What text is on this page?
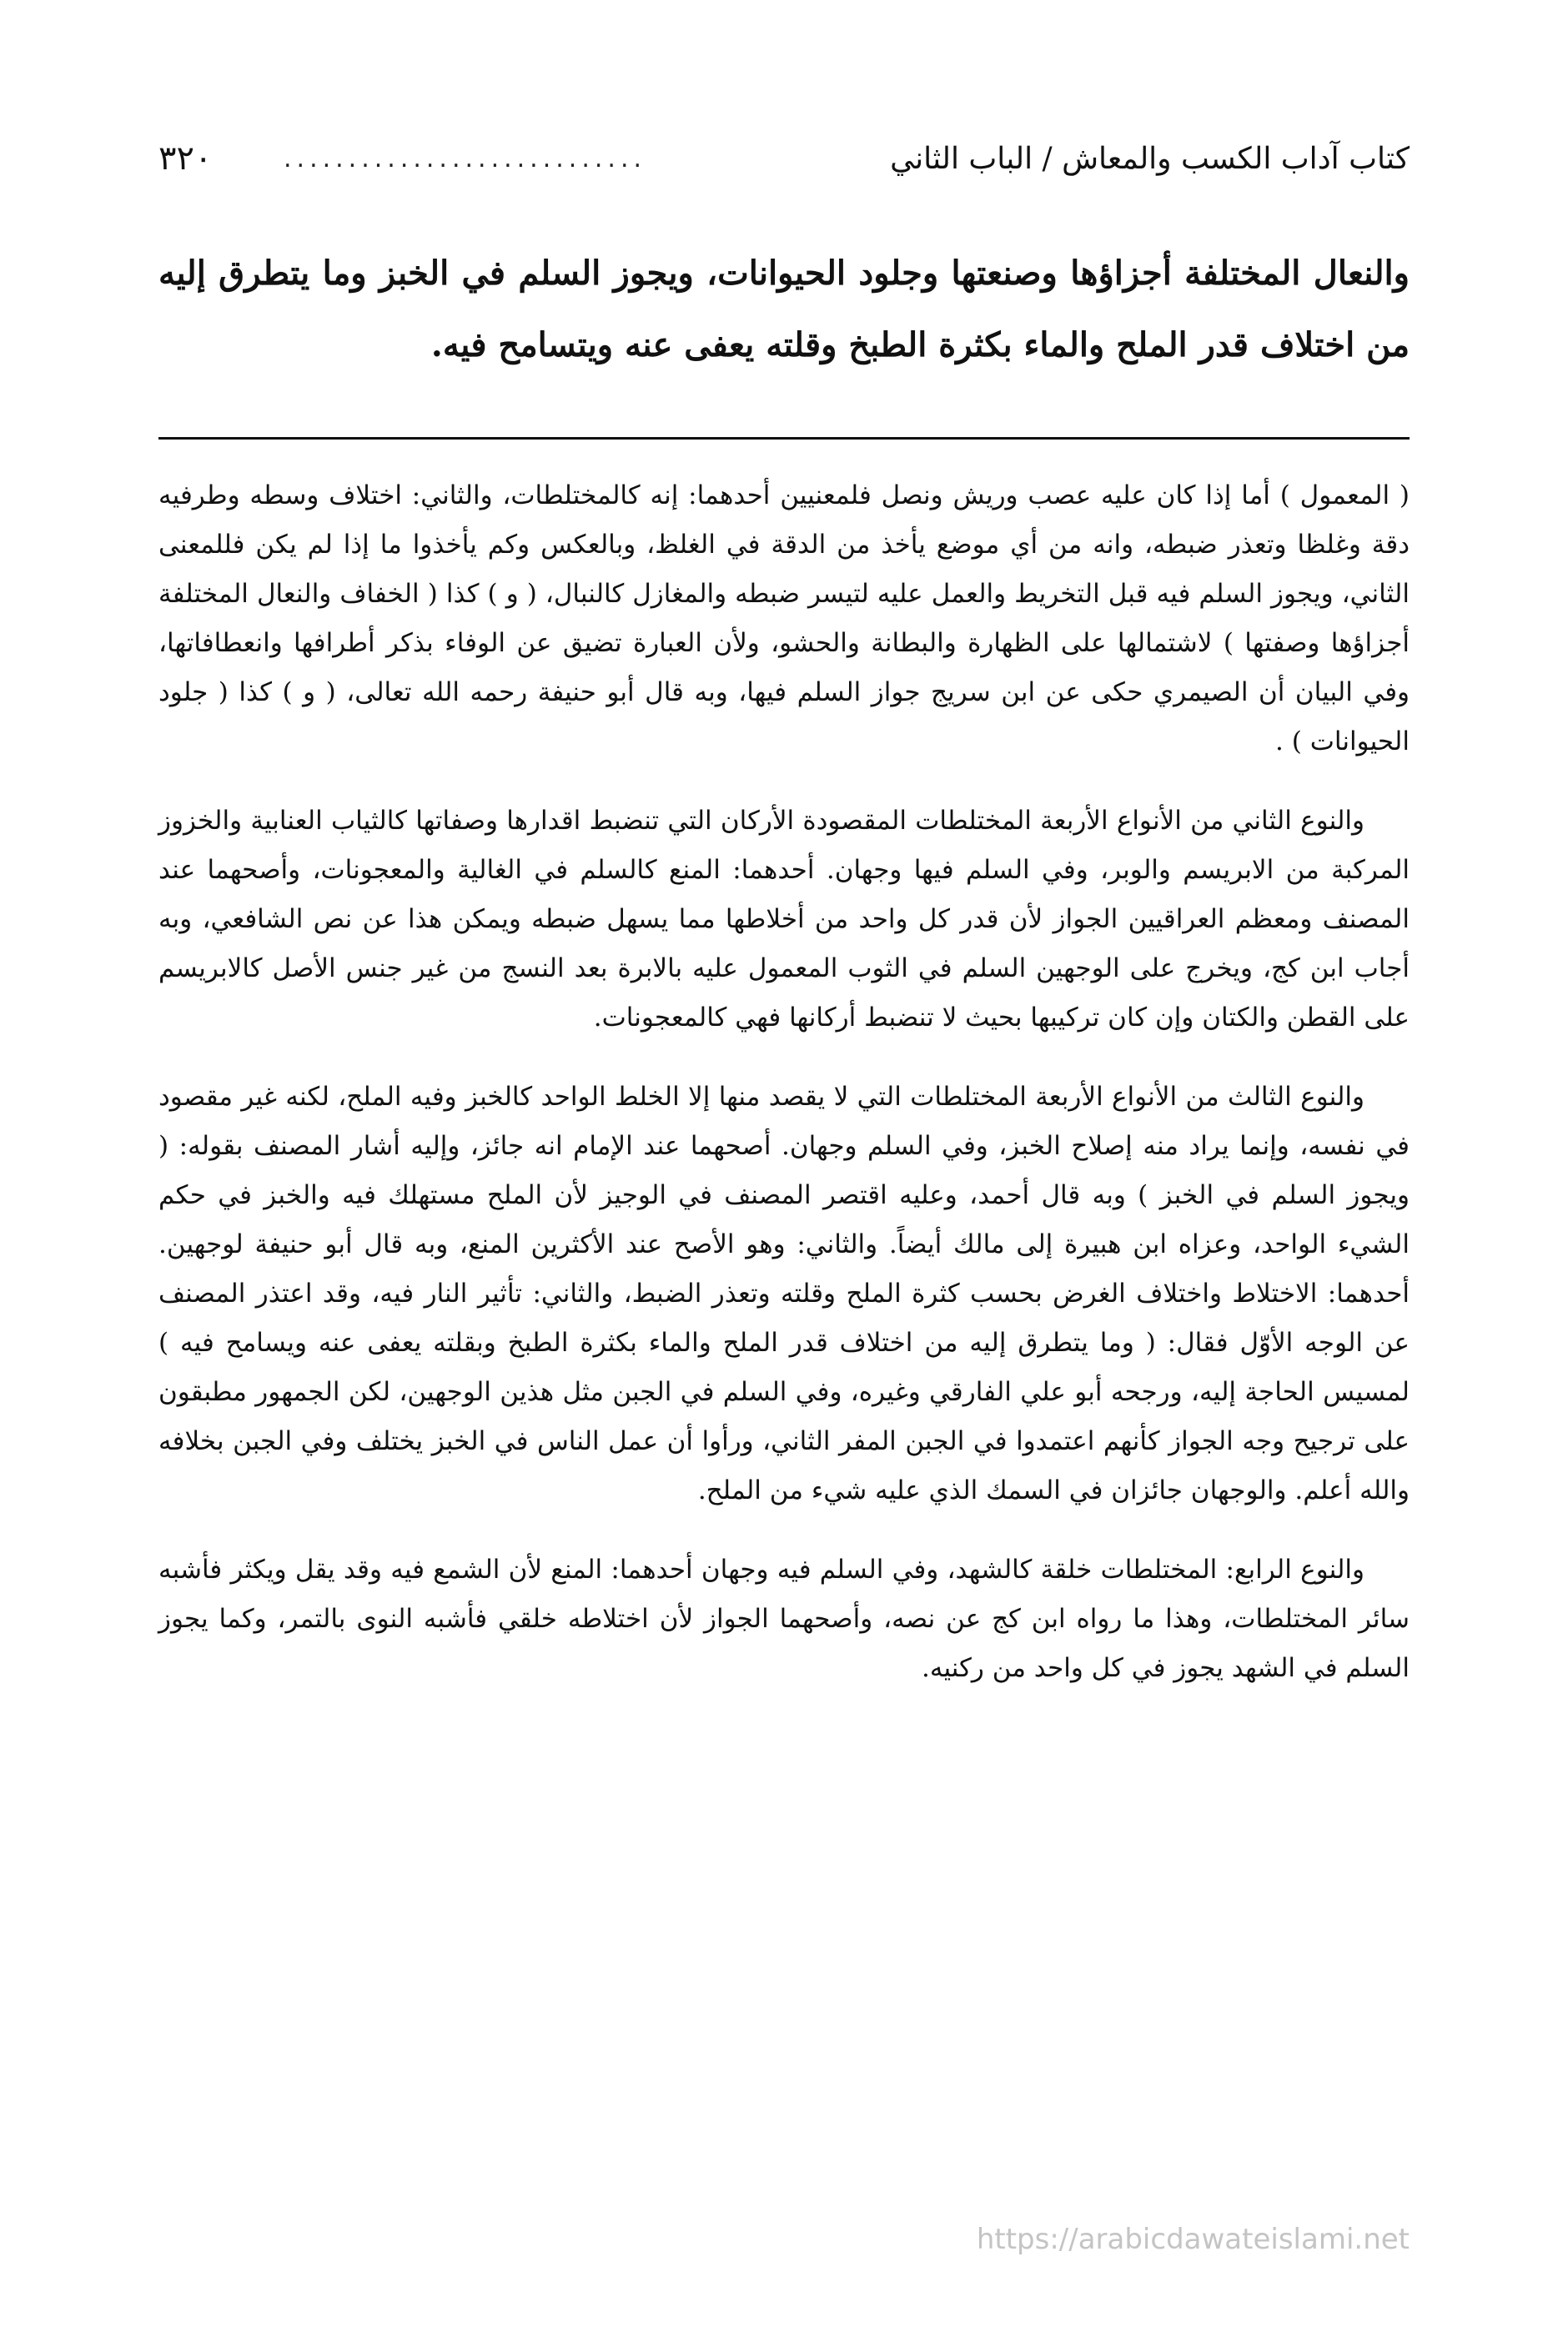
٣٢٠	............................	كتاب آداب الكسب والمعاش / الباب الثاني

والنعال المختلفة أجزاؤها وصنعتها وجلود الحيوانات، ويجوز السلم في الخبز وما يتطرق إليه من اختلاف قدر الملح والماء بكثرة الطبخ وقلته يعفى عنه ويتسامح فيه.

( المعمول ) أما إذا كان عليه عصب وريش ونصل فلمعنيين أحدهما: إنه كالمختلطات، والثاني: اختلاف وسطه وطرفيه دقة وغلظا وتعذر ضبطه، وانه من أي موضع يأخذ من الدقة في الغلظ، وبالعكس وكم يأخذوا ما إذا لم يكن فللمعنى الثاني، ويجوز السلم فيه قبل التخريط والعمل عليه لتيسر ضبطه والمغازل كالنبال، ( و ) كذا ( الخفاف والنعال المختلفة أجزاؤها وصفتها ) لاشتمالها على الظهارة والبطانة والحشو، ولأن العبارة تضيق عن الوفاء بذكر أطرافها وانعطافاتها، وفي البيان أن الصيمري حكى عن ابن سريج جواز السلم فيها، وبه قال أبو حنيفة رحمه الله تعالى، ( و ) كذا ( جلود الحيوانات ) .

والنوع الثاني من الأنواع الأربعة المختلطات المقصودة الأركان التي تنضبط اقدارها وصفاتها كالثياب العنابية والخزوز المركبة من الابريسم والوبر، وفي السلم فيها وجهان. أحدهما: المنع كالسلم في الغالية والمعجونات، وأصحهما عند المصنف ومعظم العراقيين الجواز لأن قدر كل واحد من أخلاطها مما يسهل ضبطه ويمكن هذا عن نص الشافعي، وبه أجاب ابن كج، ويخرج على الوجهين السلم في الثوب المعمول عليه بالابرة بعد النسج من غير جنس الأصل كالابريسم على القطن والكتان وإن كان تركيبها بحيث لا تنضبط أركانها فهي كالمعجونات.

والنوع الثالث من الأنواع الأربعة المختلطات التي لا يقصد منها إلا الخلط الواحد كالخبز وفيه الملح، لكنه غير مقصود في نفسه، وإنما يراد منه إصلاح الخبز، وفي السلم وجهان. أصحهما عند الإمام انه جائز، وإليه أشار المصنف بقوله: ( ويجوز السلم في الخبز ) وبه قال أحمد، وعليه اقتصر المصنف في الوجيز لأن الملح مستهلك فيه والخبز في حكم الشيء الواحد، وعزاه ابن هبيرة إلى مالك أيضاً. والثاني: وهو الأصح عند الأكثرين المنع، وبه قال أبو حنيفة لوجهين. أحدهما: الاختلاط واختلاف الغرض بحسب كثرة الملح وقلته وتعذر الضبط، والثاني: تأثير النار فيه، وقد اعتذر المصنف عن الوجه الأوّل فقال: ( وما يتطرق إليه من اختلاف قدر الملح والماء بكثرة الطبخ وبقلته يعفى عنه ويسامح فيه ) لمسيس الحاجة إليه، ورجحه أبو علي الفارقي وغيره، وفي السلم في الجبن مثل هذين الوجهين، لكن الجمهور مطبقون على ترجيح وجه الجواز كأنهم اعتمدوا في الجبن المفر الثاني، ورأوا أن عمل الناس في الخبز يختلف وفي الجبن بخلافه والله أعلم. والوجهان جائزان في السمك الذي عليه شيء من الملح.

والنوع الرابع: المختلطات خلقة كالشهد، وفي السلم فيه وجهان أحدهما: المنع لأن الشمع فيه وقد يقل ويكثر فأشبه سائر المختلطات، وهذا ما رواه ابن كج عن نصه، وأصحهما الجواز لأن اختلاطه خلقي فأشبه النوى بالتمر، وكما يجوز السلم في الشهد يجوز في كل واحد من ركنيه.

https://arabicdawateislami.net
